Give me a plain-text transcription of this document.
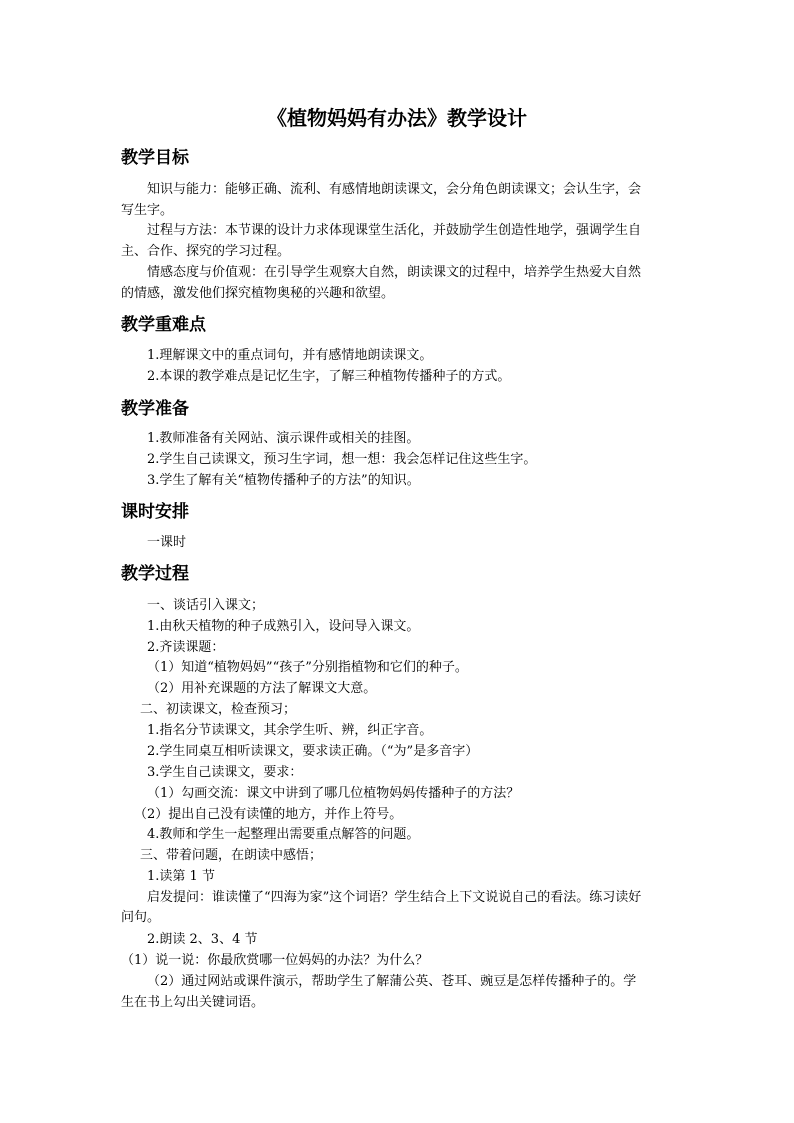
《植物妈妈有办法》教学设计
教学目标
知识与能力：能够正确、流利、有感情地朗读课文，会分角色朗读课文；会认生字，会
写生字。
过程与方法：本节课的设计力求体现课堂生活化，并鼓励学生创造性地学，强调学生自
主、合作、探究的学习过程。
情感态度与价值观：在引导学生观察大自然，朗读课文的过程中，培养学生热爱大自然
的情感，激发他们探究植物奥秘的兴趣和欲望。
教学重难点
1.理解课文中的重点词句，并有感情地朗读课文。
2.本课的教学难点是记忆生字，了解三种植物传播种子的方式。
教学准备
1.教师准备有关网站、演示课件或相关的挂图。
2.学生自己读课文，预习生字词，想一想：我会怎样记住这些生字。
3.学生了解有关“植物传播种子的方法”的知识。
课时安排
一课时
教学过程
一、谈话引入课文；
1.由秋天植物的种子成熟引入，设问导入课文。
2.齐读课题：
（1）知道“植物妈妈”“孩子”分别指植物和它们的种子。
（2）用补充课题的方法了解课文大意。
二、初读课文，检查预习；
1.指名分节读课文，其余学生听、辨，纠正字音。
2.学生同桌互相听读课文，要求读正确。（“为”是多音字）
3.学生自己读课文，要求：
（1）勾画交流：课文中讲到了哪几位植物妈妈传播种子的方法？
（2）提出自己没有读懂的地方，并作上符号。
4.教师和学生一起整理出需要重点解答的问题。
三、带着问题，在朗读中感悟；
1.读第 1 节
启发提问：谁读懂了“四海为家”这个词语？学生结合上下文说说自己的看法。练习读好
问句。
2.朗读 2、3、4 节
（1）说一说：你最欣赏哪一位妈妈的办法？为什么？
（2）通过网站或课件演示，帮助学生了解蒲公英、苍耳、豌豆是怎样传播种子的。学
生在书上勾出关键词语。
